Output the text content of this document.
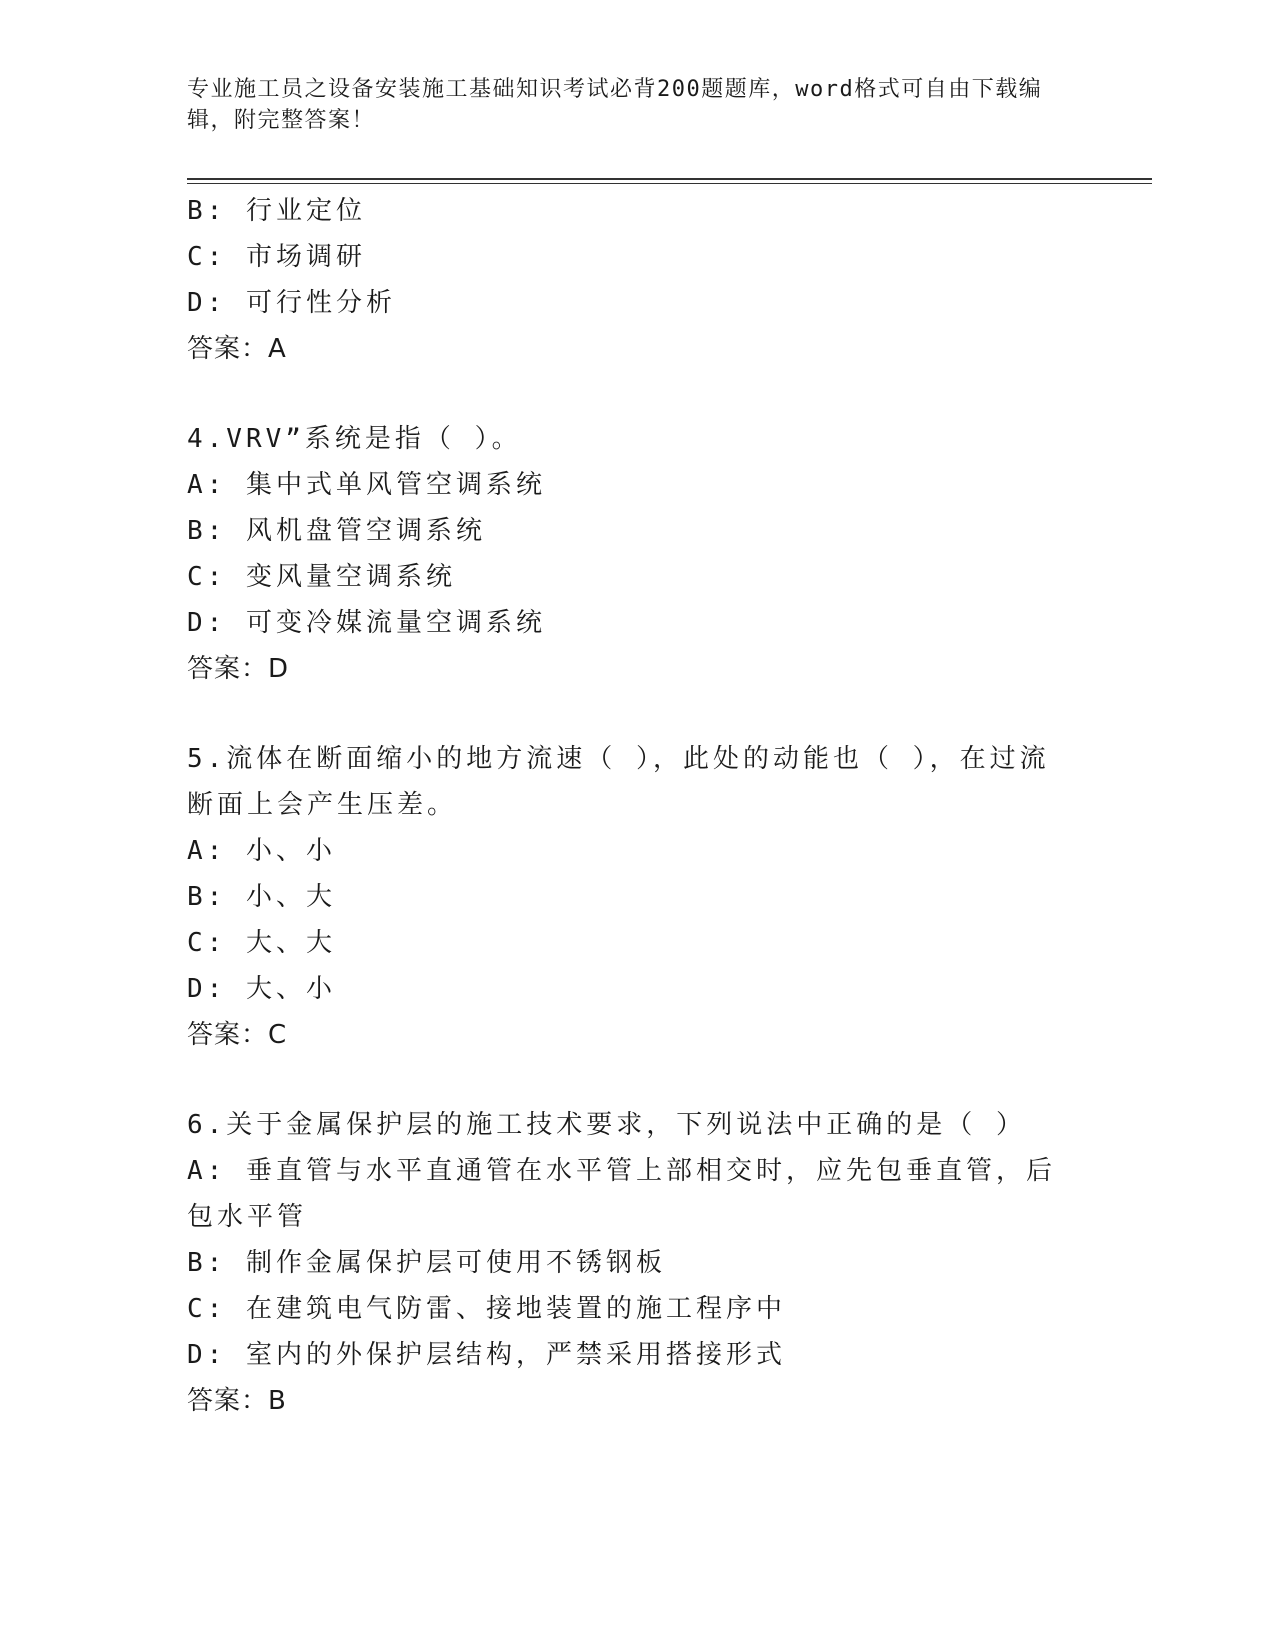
专业施工员之设备安装施工基础知识考试必背200题题库，word格式可自由下载编辑，附完整答案！
B: 行业定位
C: 市场调研
D: 可行性分析
答案：A
4.VRV”系统是指（ ）。
A: 集中式单风管空调系统
B: 风机盘管空调系统
C: 变风量空调系统
D: 可变冷媒流量空调系统
答案：D
5.流体在断面缩小的地方流速（ ），此处的动能也（ ），在过流断面上会产生压差。
A: 小、小
B: 小、大
C: 大、大
D: 大、小
答案：C
6.关于金属保护层的施工技术要求，下列说法中正确的是（ ）
A: 垂直管与水平直通管在水平管上部相交时，应先包垂直管，后包水平管
B: 制作金属保护层可使用不锈钢板
C: 在建筑电气防雷、接地装置的施工程序中
D: 室内的外保护层结构，严禁采用搭接形式
答案：B
